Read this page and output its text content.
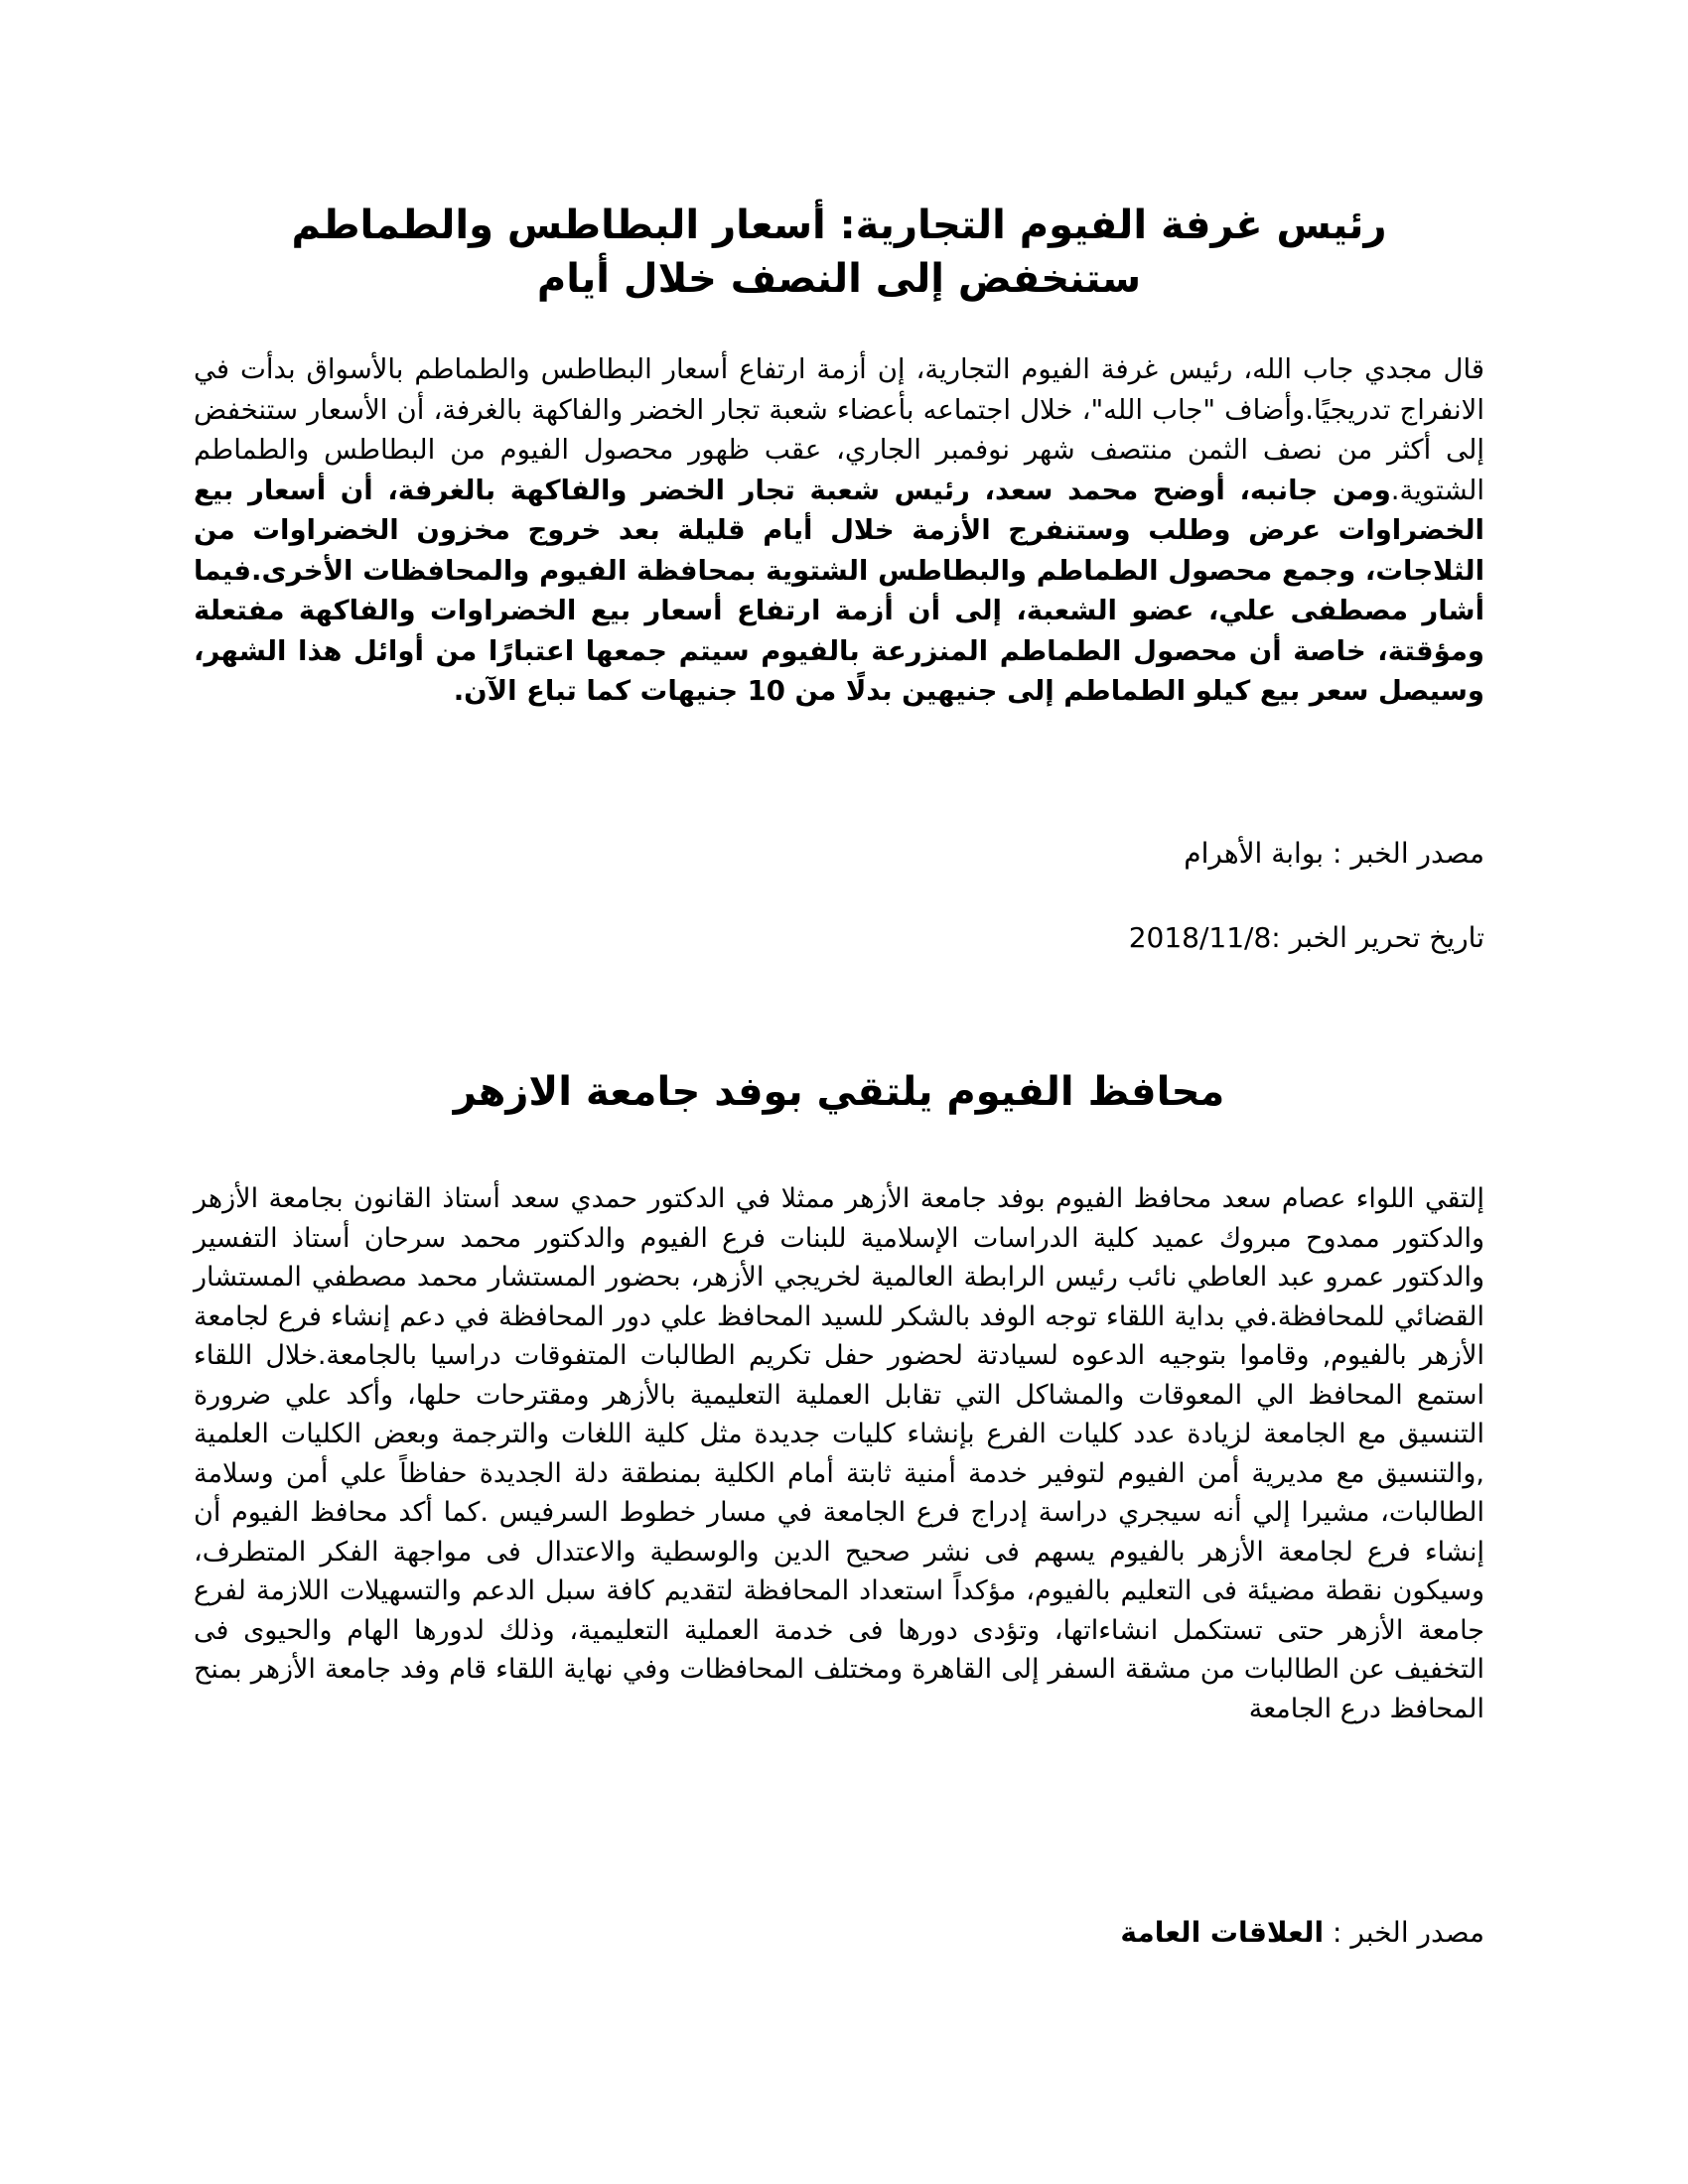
رئيس غرفة الفيوم التجارية: أسعار البطاطس والطماطم ستنخفض إلى النصف خلال أيام

قال مجدي جاب الله، رئيس غرفة الفيوم التجارية، إن أزمة ارتفاع أسعار البطاطس والطماطم بالأسواق بدأت في الانفراج تدريجيًا.وأضاف "جاب الله"، خلال اجتماعه بأعضاء شعبة تجار الخضر والفاكهة بالغرفة، أن الأسعار ستنخفض إلى أكثر من نصف الثمن منتصف شهر نوفمبر الجاري، عقب ظهور محصول الفيوم من البطاطس والطماطم الشتوية.ومن جانبه، أوضح محمد سعد، رئيس شعبة تجار الخضر والفاكهة بالغرفة، أن أسعار بيع الخضراوات عرض وطلب وستنفرج الأزمة خلال أيام قليلة بعد خروج مخزون الخضراوات من الثلاجات، وجمع محصول الطماطم والبطاطس الشتوية بمحافظة الفيوم والمحافظات الأخرى.فيما أشار مصطفى علي، عضو الشعبة، إلى أن أزمة ارتفاع أسعار بيع الخضراوات والفاكهة مفتعلة ومؤقتة، خاصة أن محصول الطماطم المنزرعة بالفيوم سيتم جمعها اعتبارًا من أوائل هذا الشهر، وسيصل سعر بيع كيلو الطماطم إلى جنيهين بدلًا من 10 جنيهات كما تباع الآن.

مصدر الخبر : بوابة الأهرام

تاريخ تحرير الخبر :2018/11/8

محافظ الفيوم يلتقي بوفد جامعة الازهر

إلتقي اللواء عصام سعد محافظ الفيوم بوفد جامعة الأزهر ممثلا في الدكتور حمدي سعد أستاذ القانون بجامعة الأزهر والدكتور ممدوح مبروك عميد كلية الدراسات الإسلامية للبنات فرع الفيوم والدكتور محمد سرحان أستاذ التفسير والدكتور عمرو عبد العاطي نائب رئيس الرابطة العالمية لخريجي الأزهر، بحضور المستشار محمد مصطفي المستشار القضائي للمحافظة.في بداية اللقاء توجه الوفد بالشكر للسيد المحافظ علي دور المحافظة في دعم إنشاء فرع لجامعة الأزهر بالفيوم, وقاموا بتوجيه الدعوه لسيادتة لحضور حفل تكريم الطالبات المتفوقات دراسيا بالجامعة.خلال اللقاء استمع المحافظ الي المعوقات والمشاكل التي تقابل العملية التعليمية بالأزهر ومقترحات حلها، وأكد علي ضرورة التنسيق مع الجامعة لزيادة عدد كليات الفرع بإنشاء كليات جديدة مثل كلية اللغات والترجمة وبعض الكليات العلمية ,والتنسيق مع مديرية أمن الفيوم لتوفير خدمة أمنية ثابتة أمام الكلية بمنطقة دلة الجديدة حفاظاً علي أمن وسلامة الطالبات، مشيرا إلي أنه سيجري دراسة إدراج فرع الجامعة في مسار خطوط السرفيس .كما أكد محافظ الفيوم أن إنشاء فرع لجامعة الأزهر بالفيوم يسهم فى نشر صحيح الدين والوسطية والاعتدال فى مواجهة الفكر المتطرف، وسيكون نقطة مضيئة فى التعليم بالفيوم، مؤكداً استعداد المحافظة لتقديم كافة سبل الدعم والتسهيلات اللازمة لفرع جامعة الأزهر حتى تستكمل انشاءاتها، وتؤدى دورها فى خدمة العملية التعليمية، وذلك لدورها الهام والحيوى فى التخفيف عن الطالبات من مشقة السفر إلى القاهرة ومختلف المحافظات وفي نهاية اللقاء قام وفد جامعة الأزهر بمنح المحافظ درع الجامعة

مصدر الخبر : العلاقات العامة
